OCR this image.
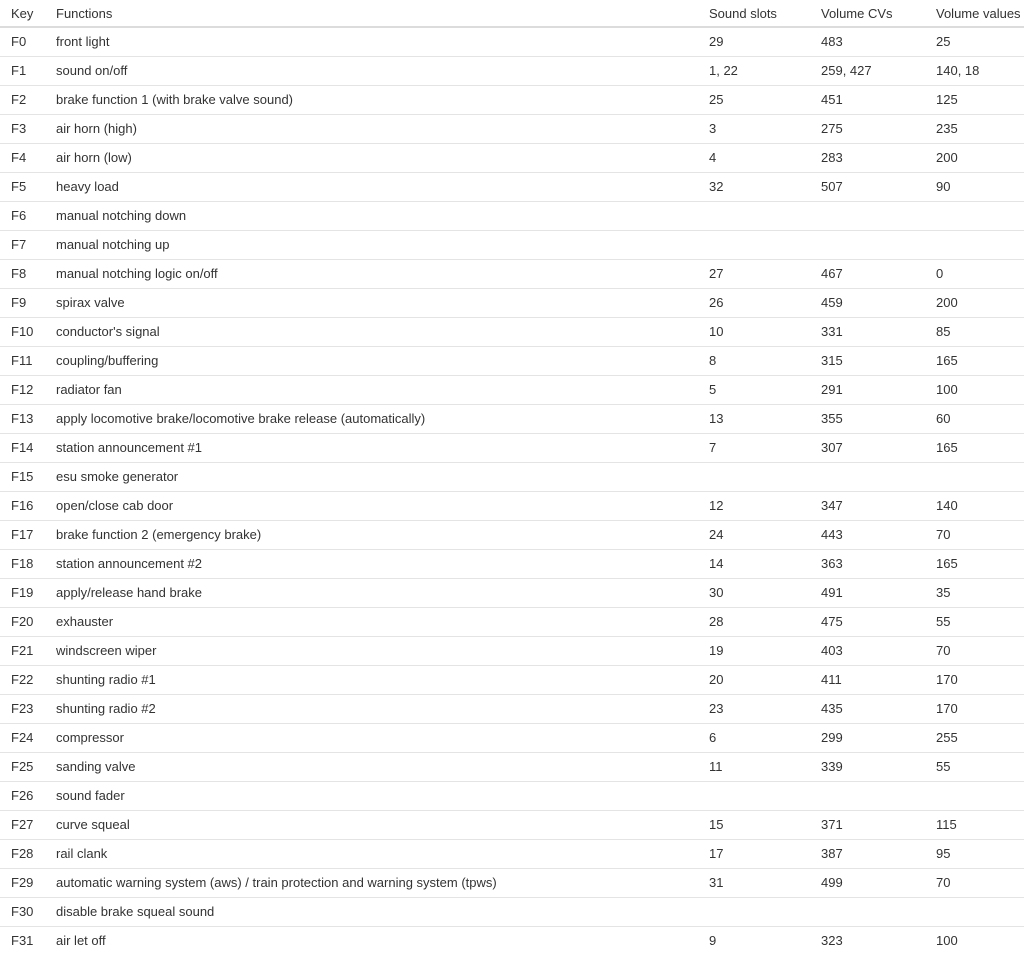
Key	Functions	Sound slots	Volume CVs	Volume values
F0	front light	29	483	25
F1	sound on/off	1, 22	259, 427	140, 18
F2	brake function 1 (with brake valve sound)	25	451	125
F3	air horn (high)	3	275	235
F4	air horn (low)	4	283	200
F5	heavy load	32	507	90
F6	manual notching down			
F7	manual notching up			
F8	manual notching logic on/off	27	467	0
F9	spirax valve	26	459	200
F10	conductor's signal	10	331	85
F11	coupling/buffering	8	315	165
F12	radiator fan	5	291	100
F13	apply locomotive brake/locomotive brake release (automatically)	13	355	60
F14	station announcement #1	7	307	165
F15	esu smoke generator			
F16	open/close cab door	12	347	140
F17	brake function 2 (emergency brake)	24	443	70
F18	station announcement #2	14	363	165
F19	apply/release hand brake	30	491	35
F20	exhauster	28	475	55
F21	windscreen wiper	19	403	70
F22	shunting radio #1	20	411	170
F23	shunting radio #2	23	435	170
F24	compressor	6	299	255
F25	sanding valve	11	339	55
F26	sound fader			
F27	curve squeal	15	371	115
F28	rail clank	17	387	95
F29	automatic warning system (aws) / train protection and warning system (tpws)	31	499	70
F30	disable brake squeal sound			
F31	air let off	9	323	100
